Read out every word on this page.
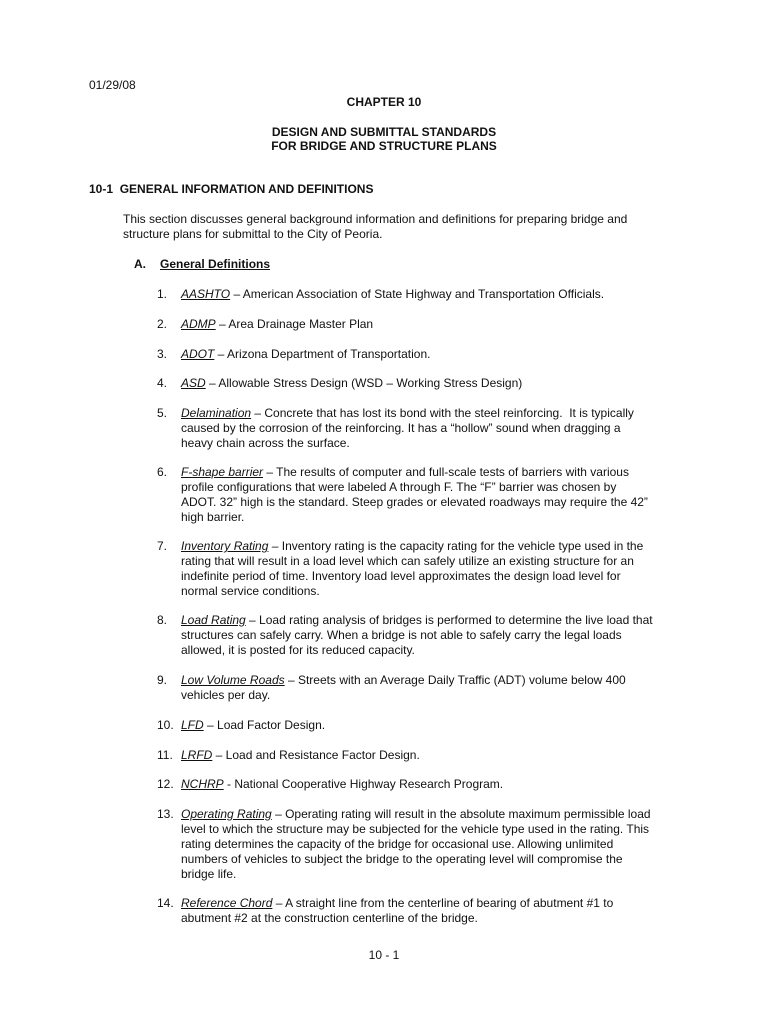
01/29/08
CHAPTER 10
DESIGN AND SUBMITTAL STANDARDS
FOR BRIDGE AND STRUCTURE PLANS
10-1 GENERAL INFORMATION AND DEFINITIONS
This section discusses general background information and definitions for preparing bridge and
structure plans for submittal to the City of Peoria.
A. General Definitions
1.	AASHTO – American Association of State Highway and Transportation Officials.
2.	ADMP – Area Drainage Master Plan
3.	ADOT – Arizona Department of Transportation.
4.	ASD – Allowable Stress Design (WSD – Working Stress Design)
5.	Delamination – Concrete that has lost its bond with the steel reinforcing.  It is typically
caused by the corrosion of the reinforcing. It has a “hollow” sound when dragging a
heavy chain across the surface.
6.	F-shape barrier – The results of computer and full-scale tests of barriers with various
profile configurations that were labeled A through F. The “F” barrier was chosen by
ADOT. 32” high is the standard. Steep grades or elevated roadways may require the 42”
high barrier.
7.	Inventory Rating – Inventory rating is the capacity rating for the vehicle type used in the
rating that will result in a load level which can safely utilize an existing structure for an
indefinite period of time. Inventory load level approximates the design load level for
normal service conditions.
8.	Load Rating – Load rating analysis of bridges is performed to determine the live load that
structures can safely carry. When a bridge is not able to safely carry the legal loads
allowed, it is posted for its reduced capacity.
9.	Low Volume Roads – Streets with an Average Daily Traffic (ADT) volume below 400
vehicles per day.
10. LFD – Load Factor Design.
11. LRFD – Load and Resistance Factor Design.
12. NCHRP - National Cooperative Highway Research Program.
13. Operating Rating – Operating rating will result in the absolute maximum permissible load
level to which the structure may be subjected for the vehicle type used in the rating. This
rating determines the capacity of the bridge for occasional use. Allowing unlimited
numbers of vehicles to subject the bridge to the operating level will compromise the
bridge life.
14. Reference Chord – A straight line from the centerline of bearing of abutment #1 to
abutment #2 at the construction centerline of the bridge.
10 - 1
